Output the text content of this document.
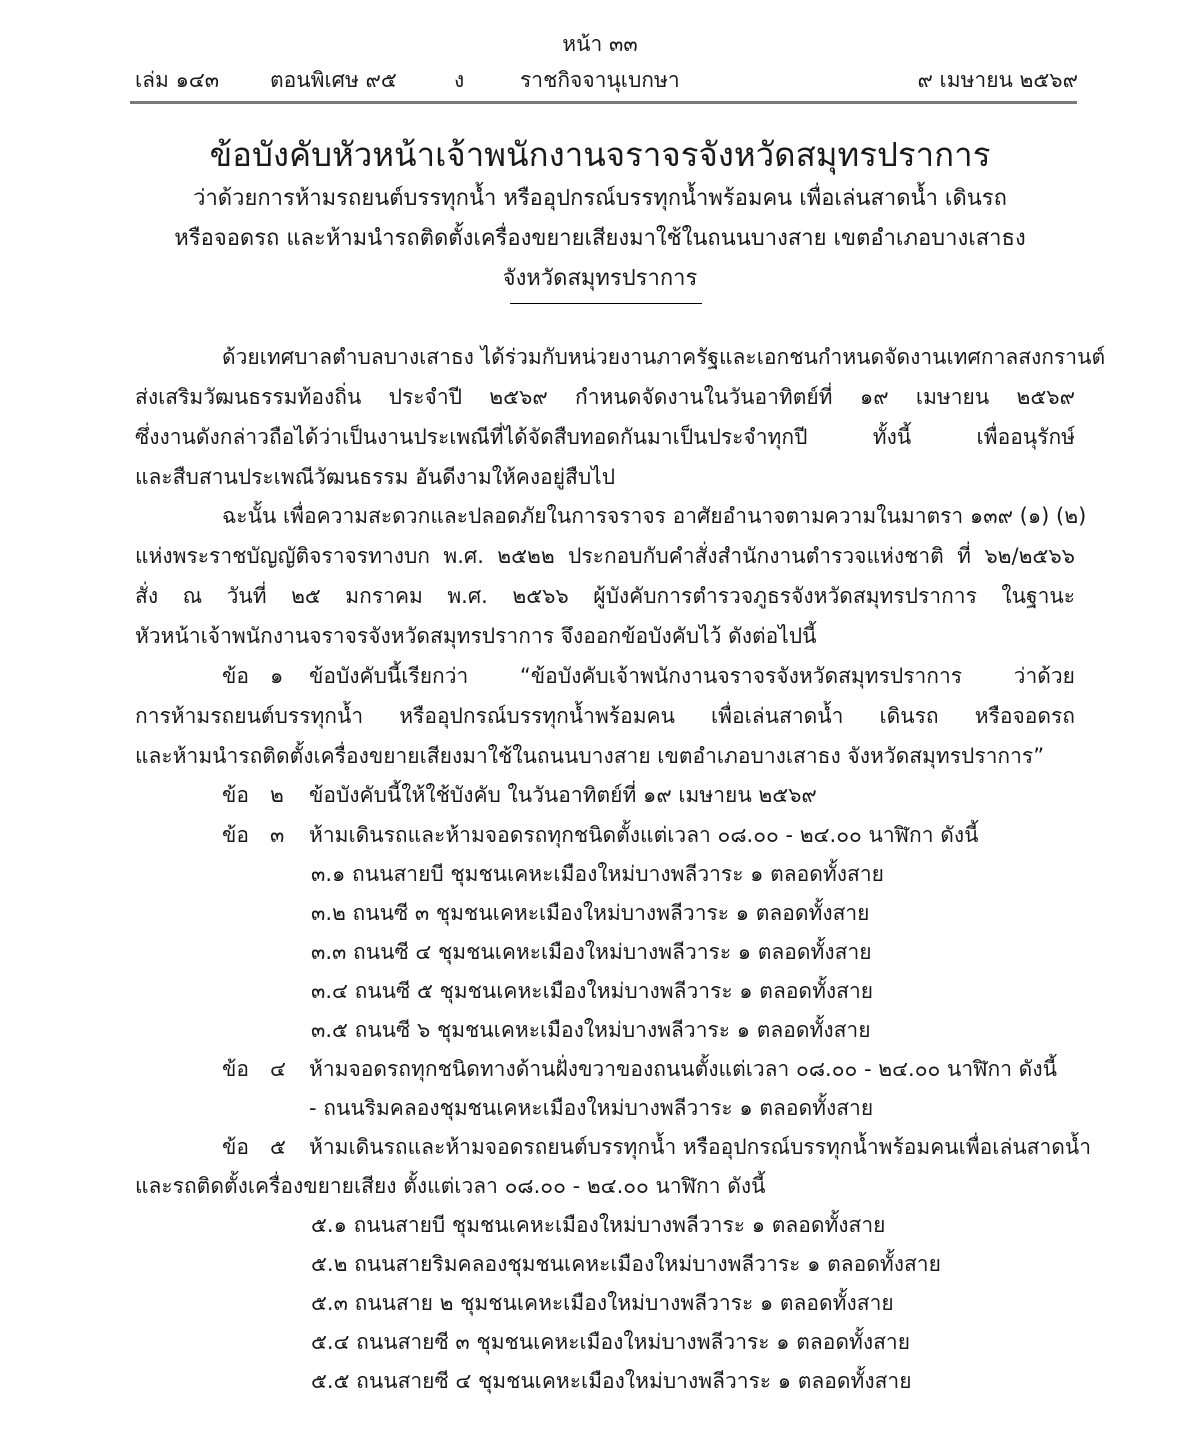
หน้า ๓๓
เล่ม ๑๔๓ ตอนพิเศษ ๙๕	ง	ราชกิจจานุเบกษา	๙ เมษายน ๒๕๖๙
ข้อบังคับหัวหน้าเจ้าพนักงานจราจรจังหวัดสมุทรปราการ
ว่าด้วยการห้ามรถยนต์บรรทุกน้ำ หรืออุปกรณ์บรรทุกน้ำพร้อมคน เพื่อเล่นสาดน้ำ เดินรถ
หรือจอดรถ และห้ามนำรถติดตั้งเครื่องขยายเสียงมาใช้ในถนนบางสาย เขตอำเภอบางเสาธง
จังหวัดสมุทรปราการ
ด้วยเทศบาลตำบลบางเสาธง ได้ร่วมกับหน่วยงานภาครัฐและเอกชนกำหนดจัดงานเทศกาลสงกรานต์
ส่งเสริมวัฒนธรรมท้องถิ่น ประจำปี ๒๕๖๙ กำหนดจัดงานในวันอาทิตย์ที่ ๑๙ เมษายน ๒๕๖๙
ซึ่งงานดังกล่าวถือได้ว่าเป็นงานประเพณีที่ได้จัดสืบทอดกันมาเป็นประจำทุกปี ทั้งนี้ เพื่ออนุรักษ์
และสืบสานประเพณีวัฒนธรรม อันดีงามให้คงอยู่สืบไป
ฉะนั้น เพื่อความสะดวกและปลอดภัยในการจราจร อาศัยอำนาจตามความในมาตรา ๑๓๙ (๑) (๒)
แห่งพระราชบัญญัติจราจรทางบก พ.ศ. ๒๕๒๒ ประกอบกับคำสั่งสำนักงานตำรวจแห่งชาติ ที่ ๖๒/๒๕๖๖
สั่ง ณ วันที่ ๒๕ มกราคม พ.ศ. ๒๕๖๖ ผู้บังคับการตำรวจภูธรจังหวัดสมุทรปราการ ในฐานะ
หัวหน้าเจ้าพนักงานจราจรจังหวัดสมุทรปราการ จึงออกข้อบังคับไว้ ดังต่อไปนี้
ข้อ ๑ ข้อบังคับนี้เรียกว่า “ข้อบังคับเจ้าพนักงานจราจรจังหวัดสมุทรปราการ ว่าด้วย
การห้ามรถยนต์บรรทุกน้ำ หรืออุปกรณ์บรรทุกน้ำพร้อมคน เพื่อเล่นสาดน้ำ เดินรถ หรือจอดรถ
และห้ามนำรถติดตั้งเครื่องขยายเสียงมาใช้ในถนนบางสาย เขตอำเภอบางเสาธง จังหวัดสมุทรปราการ”
ข้อ ๒ ข้อบังคับนี้ให้ใช้บังคับ ในวันอาทิตย์ที่ ๑๙ เมษายน ๒๕๖๙
ข้อ ๓ ห้ามเดินรถและห้ามจอดรถทุกชนิดตั้งแต่เวลา ๐๘.๐๐ - ๒๔.๐๐ นาฬิกา ดังนี้
๓.๑ ถนนสายบี ชุมชนเคหะเมืองใหม่บางพลีวาระ ๑ ตลอดทั้งสาย
๓.๒ ถนนซี ๓ ชุมชนเคหะเมืองใหม่บางพลีวาระ ๑ ตลอดทั้งสาย
๓.๓ ถนนซี ๔ ชุมชนเคหะเมืองใหม่บางพลีวาระ ๑ ตลอดทั้งสาย
๓.๔ ถนนซี ๕ ชุมชนเคหะเมืองใหม่บางพลีวาระ ๑ ตลอดทั้งสาย
๓.๕ ถนนซี ๖ ชุมชนเคหะเมืองใหม่บางพลีวาระ ๑ ตลอดทั้งสาย
ข้อ ๔ ห้ามจอดรถทุกชนิดทางด้านฝั่งขวาของถนนตั้งแต่เวลา ๐๘.๐๐ - ๒๔.๐๐ นาฬิกา ดังนี้
- ถนนริมคลองชุมชนเคหะเมืองใหม่บางพลีวาระ ๑ ตลอดทั้งสาย
ข้อ ๕ ห้ามเดินรถและห้ามจอดรถยนต์บรรทุกน้ำ หรืออุปกรณ์บรรทุกน้ำพร้อมคนเพื่อเล่นสาดน้ำ
และรถติดตั้งเครื่องขยายเสียง ตั้งแต่เวลา ๐๘.๐๐ - ๒๔.๐๐ นาฬิกา ดังนี้
๕.๑ ถนนสายบี ชุมชนเคหะเมืองใหม่บางพลีวาระ ๑ ตลอดทั้งสาย
๕.๒ ถนนสายริมคลองชุมชนเคหะเมืองใหม่บางพลีวาระ ๑ ตลอดทั้งสาย
๕.๓ ถนนสาย ๒ ชุมชนเคหะเมืองใหม่บางพลีวาระ ๑ ตลอดทั้งสาย
๕.๔ ถนนสายซี ๓ ชุมชนเคหะเมืองใหม่บางพลีวาระ ๑ ตลอดทั้งสาย
๕.๕ ถนนสายซี ๔ ชุมชนเคหะเมืองใหม่บางพลีวาระ ๑ ตลอดทั้งสาย
